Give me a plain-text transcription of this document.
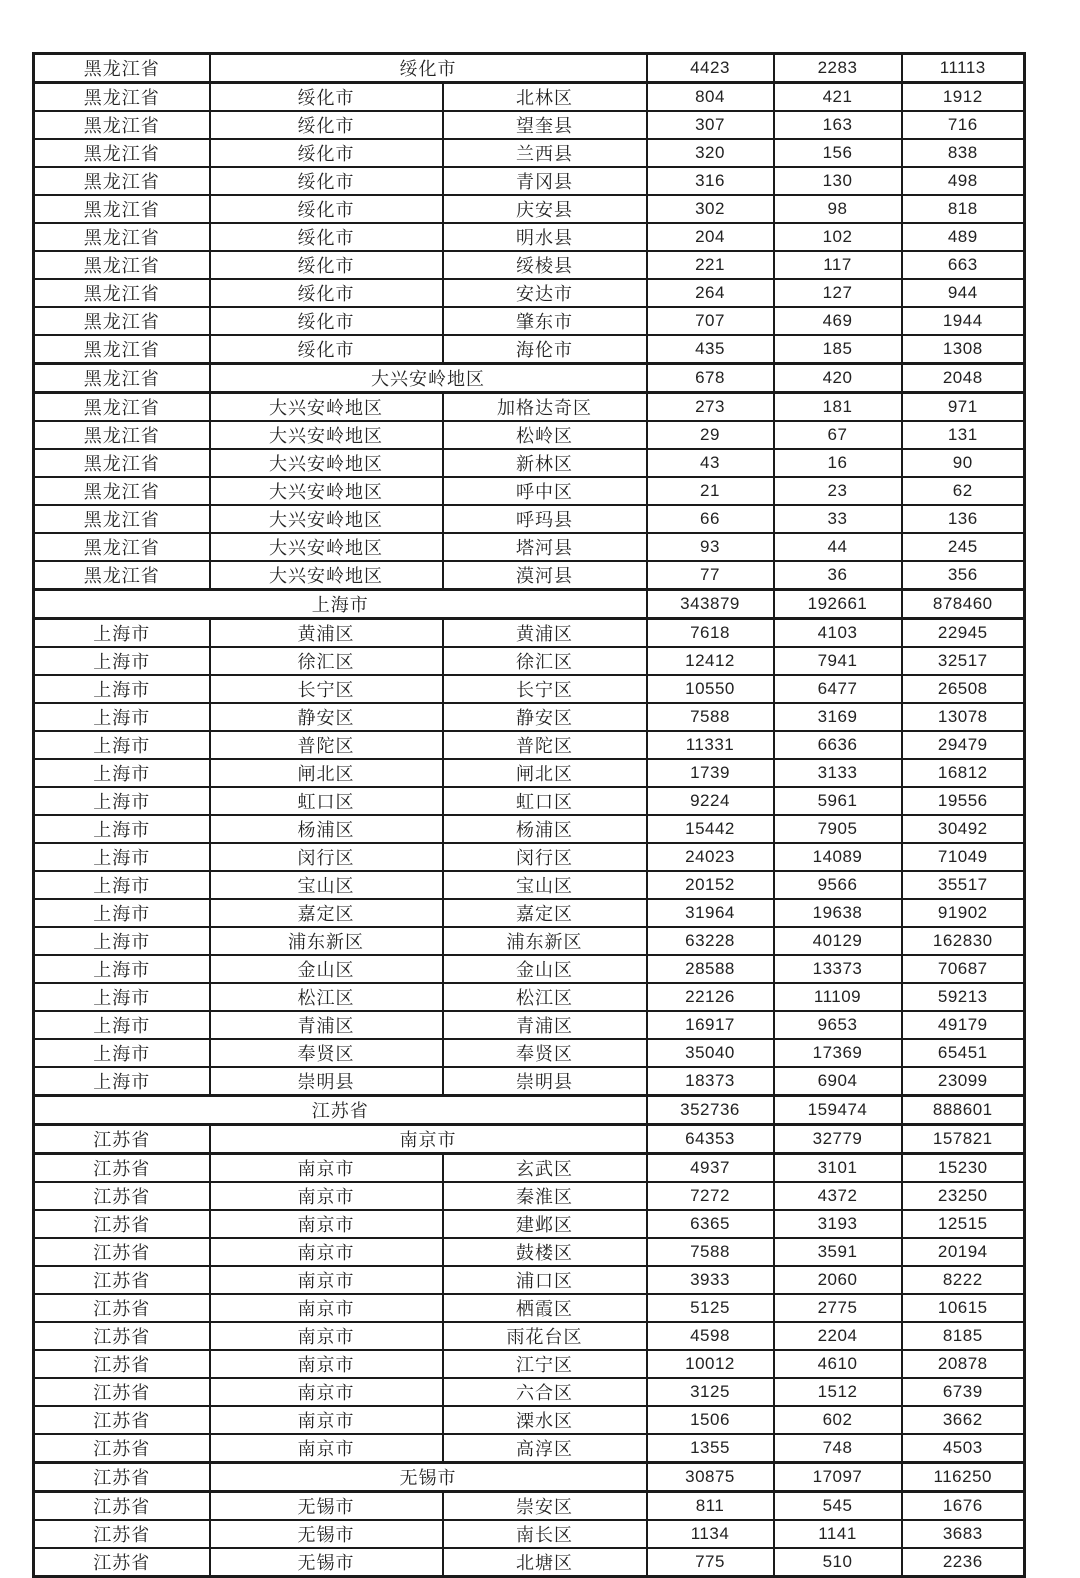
黑龙江省	绥化市		4423	2283	11113
黑龙江省	绥化市	北林区	804	421	1912
黑龙江省	绥化市	望奎县	307	163	716
黑龙江省	绥化市	兰西县	320	156	838
黑龙江省	绥化市	青冈县	316	130	498
黑龙江省	绥化市	庆安县	302	98	818
黑龙江省	绥化市	明水县	204	102	489
黑龙江省	绥化市	绥棱县	221	117	663
黑龙江省	绥化市	安达市	264	127	944
黑龙江省	绥化市	肇东市	707	469	1944
黑龙江省	绥化市	海伦市	435	185	1308
黑龙江省	大兴安岭地区		678	420	2048
黑龙江省	大兴安岭地区	加格达奇区	273	181	971
黑龙江省	大兴安岭地区	松岭区	29	67	131
黑龙江省	大兴安岭地区	新林区	43	16	90
黑龙江省	大兴安岭地区	呼中区	21	23	62
黑龙江省	大兴安岭地区	呼玛县	66	33	136
黑龙江省	大兴安岭地区	塔河县	93	44	245
黑龙江省	大兴安岭地区	漠河县	77	36	356
上海市			343879	192661	878460
上海市	黄浦区	黄浦区	7618	4103	22945
上海市	徐汇区	徐汇区	12412	7941	32517
上海市	长宁区	长宁区	10550	6477	26508
上海市	静安区	静安区	7588	3169	13078
上海市	普陀区	普陀区	11331	6636	29479
上海市	闸北区	闸北区	1739	3133	16812
上海市	虹口区	虹口区	9224	5961	19556
上海市	杨浦区	杨浦区	15442	7905	30492
上海市	闵行区	闵行区	24023	14089	71049
上海市	宝山区	宝山区	20152	9566	35517
上海市	嘉定区	嘉定区	31964	19638	91902
上海市	浦东新区	浦东新区	63228	40129	162830
上海市	金山区	金山区	28588	13373	70687
上海市	松江区	松江区	22126	11109	59213
上海市	青浦区	青浦区	16917	9653	49179
上海市	奉贤区	奉贤区	35040	17369	65451
上海市	崇明县	崇明县	18373	6904	23099
江苏省			352736	159474	888601
江苏省	南京市		64353	32779	157821
江苏省	南京市	玄武区	4937	3101	15230
江苏省	南京市	秦淮区	7272	4372	23250
江苏省	南京市	建邺区	6365	3193	12515
江苏省	南京市	鼓楼区	7588	3591	20194
江苏省	南京市	浦口区	3933	2060	8222
江苏省	南京市	栖霞区	5125	2775	10615
江苏省	南京市	雨花台区	4598	2204	8185
江苏省	南京市	江宁区	10012	4610	20878
江苏省	南京市	六合区	3125	1512	6739
江苏省	南京市	溧水区	1506	602	3662
江苏省	南京市	高淳区	1355	748	4503
江苏省	无锡市		30875	17097	116250
江苏省	无锡市	崇安区	811	545	1676
江苏省	无锡市	南长区	1134	1141	3683
江苏省	无锡市	北塘区	775	510	2236
